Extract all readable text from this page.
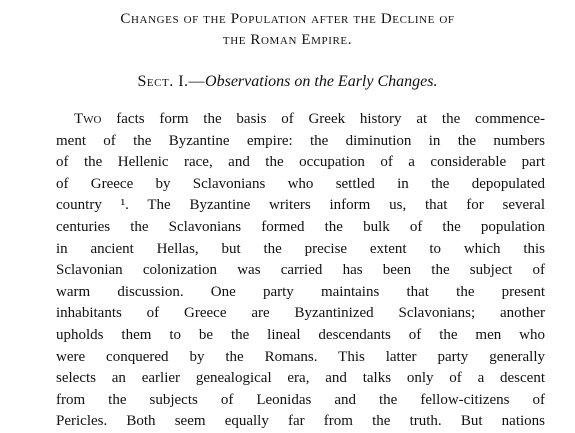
Changes of the Population after the Decline of
the Roman Empire.
Sect. I.—Observations on the Early Changes.

Two facts form the basis of Greek history at the commence-
ment of the Byzantine empire: the diminution in the numbers
of the Hellenic race, and the occupation of a considerable part
of Greece by Sclavonians who settled in the depopulated
country ¹. The Byzantine writers inform us, that for several
centuries the Sclavonians formed the bulk of the population
in ancient Hellas, but the precise extent to which this
Sclavonian colonization was carried has been the subject of
warm discussion. One party maintains that the present
inhabitants of Greece are Byzantinized Sclavonians; another
upholds them to be the lineal descendants of the men who
were conquered by the Romans. This latter party generally
selects an earlier genealogical era, and talks only of a descent
from the subjects of Leonidas and the fellow-citizens of
Pericles. Both seem equally far from the truth. But nations
